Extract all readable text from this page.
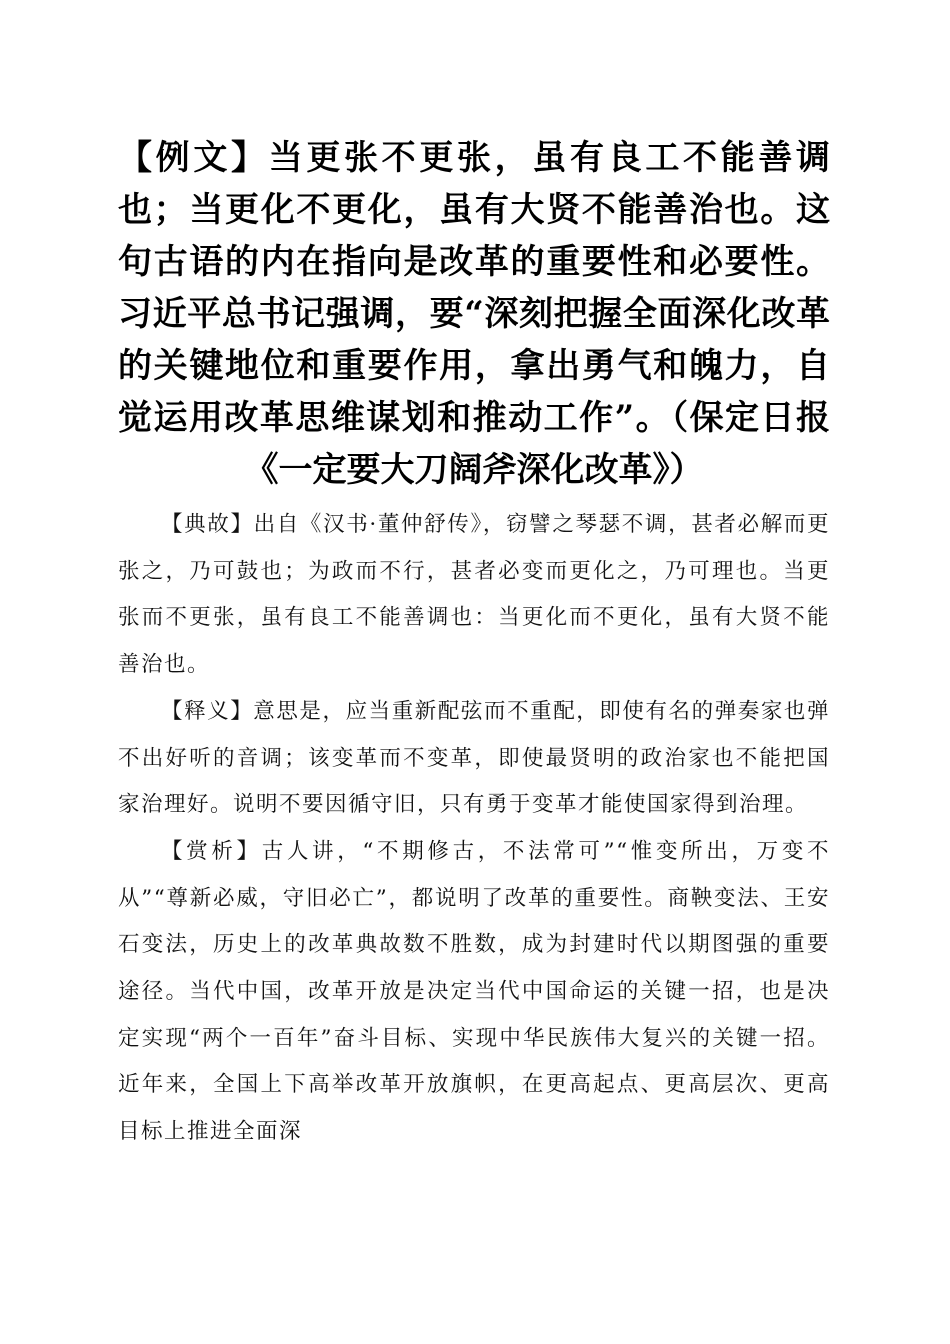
【例文】当更张不更张，虽有良工不能善调也；当更化不更化，虽有大贤不能善治也。这句古语的内在指向是改革的重要性和必要性。习近平总书记强调，要“深刻把握全面深化改革的关键地位和重要作用，拿出勇气和魄力，自觉运用改革思维谋划和推动工作”。（保定日报《一定要大刀阔斧深化改革》）

【典故】出自《汉书·董仲舒传》，窃譬之琴瑟不调，甚者必解而更张之，乃可鼓也；为政而不行，甚者必变而更化之，乃可理也。当更张而不更张，虽有良工不能善调也：当更化而不更化，虽有大贤不能善治也。

【释义】意思是，应当重新配弦而不重配，即使有名的弹奏家也弹不出好听的音调；该变革而不变革，即使最贤明的政治家也不能把国家治理好。说明不要因循守旧，只有勇于变革才能使国家得到治理。

【赏析】古人讲，“不期修古，不法常可”“惟变所出，万变不从”“尊新必威，守旧必亡”，都说明了改革的重要性。商鞅变法、王安石变法，历史上的改革典故数不胜数，成为封建时代以期图强的重要途径。当代中国，改革开放是决定当代中国命运的关键一招，也是决定实现“两个一百年”奋斗目标、实现中华民族伟大复兴的关键一招。近年来，全国上下高举改革开放旗帜，在更高起点、更高层次、更高目标上推进全面深
